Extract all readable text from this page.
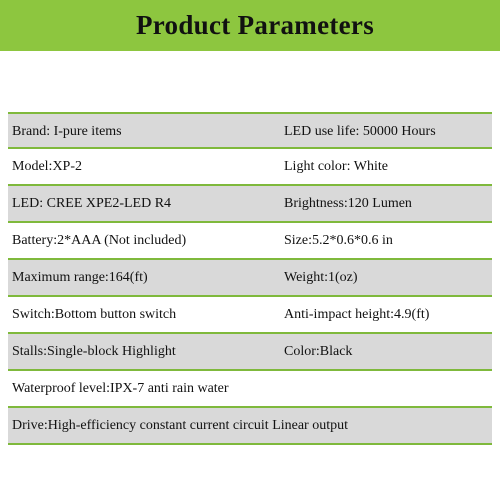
Product Parameters
Brand: I-pure items	LED use life: 50000 Hours
Model:XP-2	Light color: White
LED: CREE XPE2-LED R4	Brightness:120 Lumen
Battery:2*AAA (Not included)	Size:5.2*0.6*0.6 in
Maximum range:164(ft)	Weight:1(oz)
Switch:Bottom button switch	Anti-impact height:4.9(ft)
Stalls:Single-block Highlight	Color:Black
Waterproof level:IPX-7 anti rain water
Drive:High-efficiency constant current circuit Linear output
